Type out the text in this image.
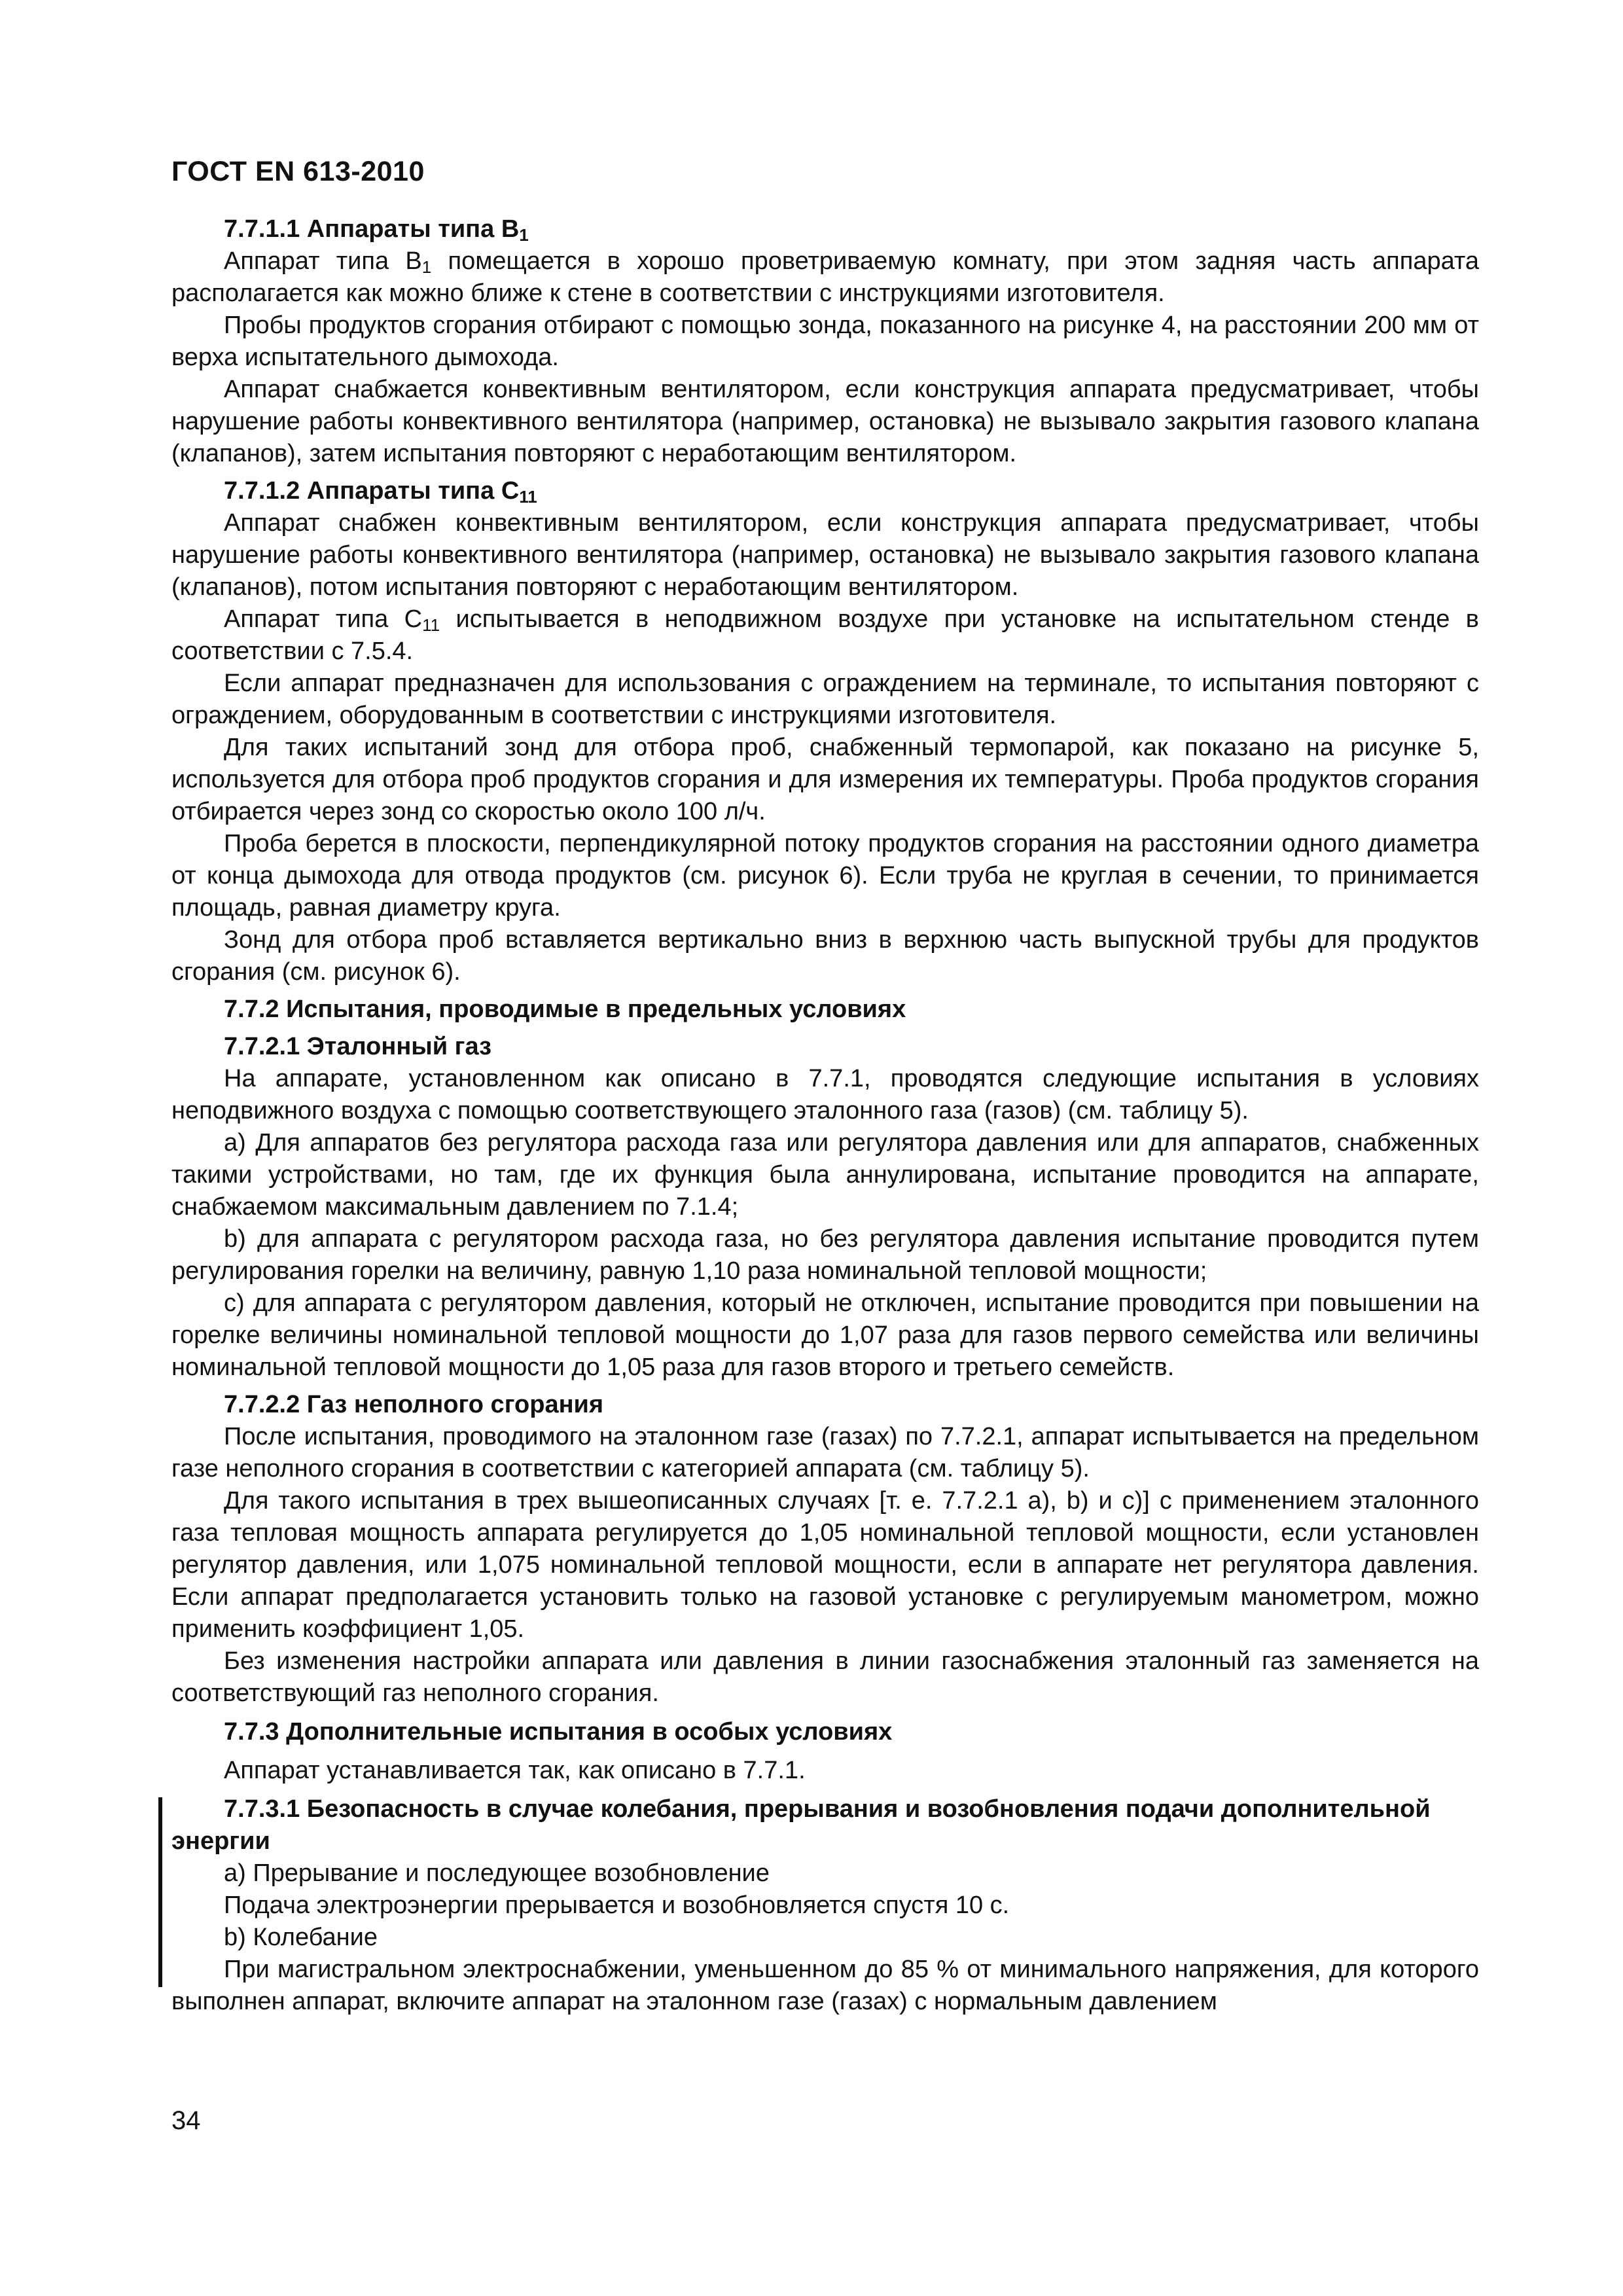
ГОСТ EN 613-2010
7.7.1.1 Аппараты типа $B_1$

Аппарат типа $B_1$ помещается в хорошо проветриваемую комнату, при этом задняя часть аппарата располагается как можно ближе к стене в соответствии с инструкциями изготовителя.

Пробы продуктов сгорания отбирают с помощью зонда, показанного на рисунке 4, на расстоянии 200 мм от верха испытательного дымохода.

Аппарат снабжается конвективным вентилятором, если конструкция аппарата предусматривает, чтобы нарушение работы конвективного вентилятора (например, остановка) не вызывало закрытия газового клапана (клапанов), затем испытания повторяют с неработающим вентилятором.

7.7.1.2 Аппараты типа $C_{11}$

Аппарат снабжен конвективным вентилятором, если конструкция аппарата предусматривает, чтобы нарушение работы конвективного вентилятора (например, остановка) не вызывало закрытия газового клапана (клапанов), потом испытания повторяют с неработающим вентилятором.

Аппарат типа $C_{11}$ испытывается в неподвижном воздухе при установке на испытательном стенде в соответствии с 7.5.4.

Если аппарат предназначен для использования с ограждением на терминале, то испытания повторяют с ограждением, оборудованным в соответствии с инструкциями изготовителя.

Для таких испытаний зонд для отбора проб, снабженный термопарой, как показано на рисунке 5, используется для отбора проб продуктов сгорания и для измерения их температуры. Проба продуктов сгорания отбирается через зонд со скоростью около 100 л/ч.

Проба берется в плоскости, перпендикулярной потоку продуктов сгорания на расстоянии одного диаметра от конца дымохода для отвода продуктов (см. рисунок 6). Если труба не круглая в сечении, то принимается площадь, равная диаметру круга.

Зонд для отбора проб вставляется вертикально вниз в верхнюю часть выпускной трубы для продуктов сгорания (см. рисунок 6).

7.7.2 Испытания, проводимые в предельных условиях
7.7.2.1 Эталонный газ

На аппарате, установленном как описано в 7.7.1, проводятся следующие испытания в условиях неподвижного воздуха с помощью соответствующего эталонного газа (газов) (см. таблицу 5).

a) Для аппаратов без регулятора расхода газа или регулятора давления или для аппаратов, снабженных такими устройствами, но там, где их функция была аннулирована, испытание проводится на аппарате, снабжаемом максимальным давлением по 7.1.4;

b) для аппарата с регулятором расхода газа, но без регулятора давления испытание проводится путем регулирования горелки на величину, равную 1,10 раза номинальной тепловой мощности;

c) для аппарата с регулятором давления, который не отключен, испытание проводится при повышении на горелке величины номинальной тепловой мощности до 1,07 раза для газов первого семейства или величины номинальной тепловой мощности до 1,05 раза для газов второго и третьего семейств.

7.7.2.2 Газ неполного сгорания

После испытания, проводимого на эталонном газе (газах) по 7.7.2.1, аппарат испытывается на предельном газе неполного сгорания в соответствии с категорией аппарата (см. таблицу 5).

Для такого испытания в трех вышеописанных случаях [т. е. 7.7.2.1 a), b) и c)] с применением эталонного газа тепловая мощность аппарата регулируется до 1,05 номинальной тепловой мощности, если установлен регулятор давления, или 1,075 номинальной тепловой мощности, если в аппарате нет регулятора давления. Если аппарат предполагается установить только на газовой установке с регулируемым манометром, можно применить коэффициент 1,05.

Без изменения настройки аппарата или давления в линии газоснабжения эталонный газ заменяется на соответствующий газ неполного сгорания.

7.7.3 Дополнительные испытания в особых условиях

Аппарат устанавливается так, как описано в 7.7.1.

7.7.3.1 Безопасность в случае колебания, прерывания и возобновления подачи дополнительной энергии

a) Прерывание и последующее возобновление

Подача электроэнергии прерывается и возобновляется спустя 10 с.

b) Колебание

При магистральном электроснабжении, уменьшенном до 85 % от минимального напряжения, для которого выполнен аппарат, включите аппарат на эталонном газе (газах) с нормальным давлением

34
